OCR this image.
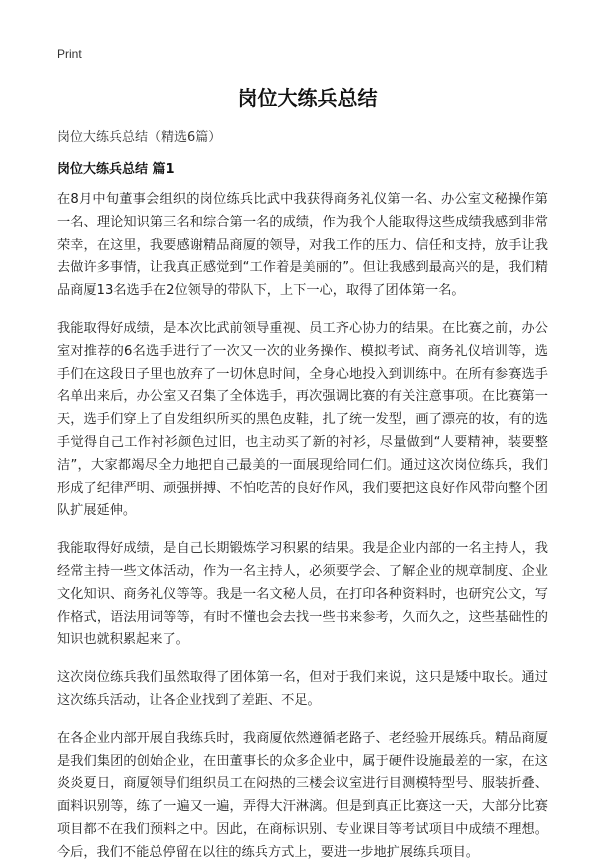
Print
岗位大练兵总结
岗位大练兵总结（精选6篇）
岗位大练兵总结 篇1

在8月中旬董事会组织的岗位练兵比武中我获得商务礼仪第一名、办公室文秘操作第一名、理论知识第三名和综合第一名的成绩，作为我个人能取得这些成绩我感到非常荣幸，在这里，我要感谢精品商厦的领导，对我工作的压力、信任和支持，放手让我去做许多事情，让我真正感觉到“工作着是美丽的”。但让我感到最高兴的是，我们精品商厦13名选手在2位领导的带队下，上下一心，取得了团体第一名。

我能取得好成绩，是本次比武前领导重视、员工齐心协力的结果。在比赛之前，办公室对推荐的6名选手进行了一次又一次的业务操作、模拟考试、商务礼仪培训等，选手们在这段日子里也放弃了一切休息时间，全身心地投入到训练中。在所有参赛选手名单出来后，办公室又召集了全体选手，再次强调比赛的有关注意事项。在比赛第一天，选手们穿上了自发组织所买的黑色皮鞋，扎了统一发型，画了漂亮的妆，有的选手觉得自己工作衬衫颜色过旧，也主动买了新的衬衫，尽量做到“人要精神，装要整洁”，大家都竭尽全力地把自己最美的一面展现给同仁们。通过这次岗位练兵，我们形成了纪律严明、顽强拼搏、不怕吃苦的良好作风，我们要把这良好作风带向整个团队扩展延伸。

我能取得好成绩，是自己长期锻炼学习积累的结果。我是企业内部的一名主持人，我经常主持一些文体活动，作为一名主持人，必须要学会、了解企业的规章制度、企业文化知识、商务礼仪等等。我是一名文秘人员，在打印各种资料时，也研究公文，写作格式，语法用词等等，有时不懂也会去找一些书来参考，久而久之，这些基础性的知识也就积累起来了。

这次岗位练兵我们虽然取得了团体第一名，但对于我们来说，这只是矮中取长。通过这次练兵活动，让各企业找到了差距、不足。

在各企业内部开展自我练兵时，我商厦依然遵循老路子、老经验开展练兵。精品商厦是我们集团的创始企业，在田董事长的众多企业中，属于硬件设施最差的一家，在这炎炎夏日，商厦领导们组织员工在闷热的三楼会议室进行目测模特型号、服装折叠、面料识别等，练了一遍又一遍，弄得大汗淋漓。但是到真正比赛这一天，大部分比赛项目都不在我们预料之中。因此，在商标识别、专业课目等考试项目中成绩不理想。今后，我们不能总停留在以往的练兵方式上，要进一步地扩展练兵项目。
